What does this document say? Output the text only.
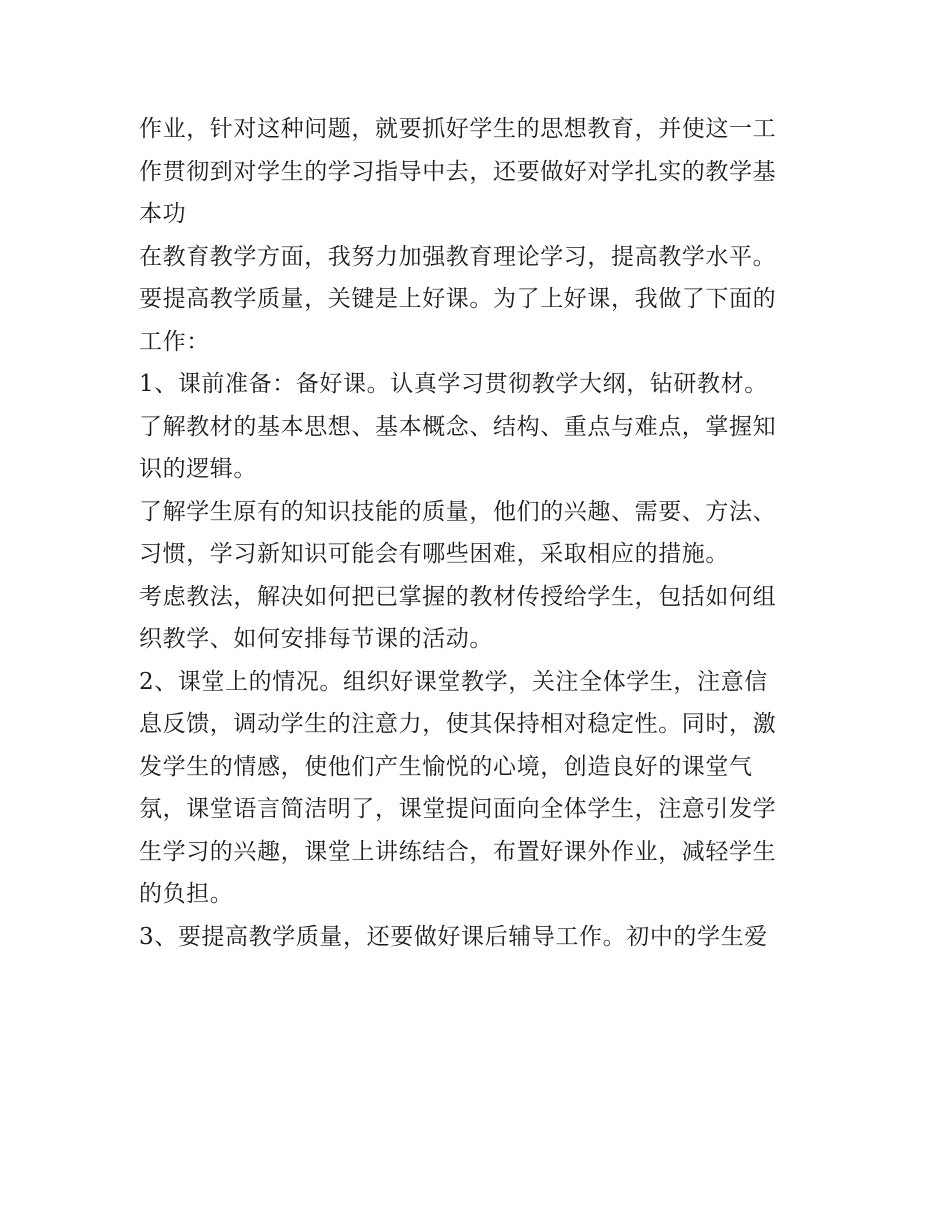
作业，针对这种问题，就要抓好学生的思想教育，并使这一工
作贯彻到对学生的学习指导中去，还要做好对学扎实的教学基
本功

在教育教学方面，我努力加强教育理论学习，提高教学水平。
要提高教学质量，关键是上好课。为了上好课，我做了下面的
工作：

1、课前准备：备好课。认真学习贯彻教学大纲，钻研教材。
了解教材的基本思想、基本概念、结构、重点与难点，掌握知
识的逻辑。

了解学生原有的知识技能的质量，他们的兴趣、需要、方法、
习惯，学习新知识可能会有哪些困难，采取相应的措施。

考虑教法，解决如何把已掌握的教材传授给学生，包括如何组
织教学、如何安排每节课的活动。

2、课堂上的情况。组织好课堂教学，关注全体学生，注意信
息反馈，调动学生的注意力，使其保持相对稳定性。同时，激
发学生的情感，使他们产生愉悦的心境，创造良好的课堂气
氛，课堂语言简洁明了，课堂提问面向全体学生，注意引发学
生学习的兴趣，课堂上讲练结合，布置好课外作业，减轻学生
的负担。

3、要提高教学质量，还要做好课后辅导工作。初中的学生爱
